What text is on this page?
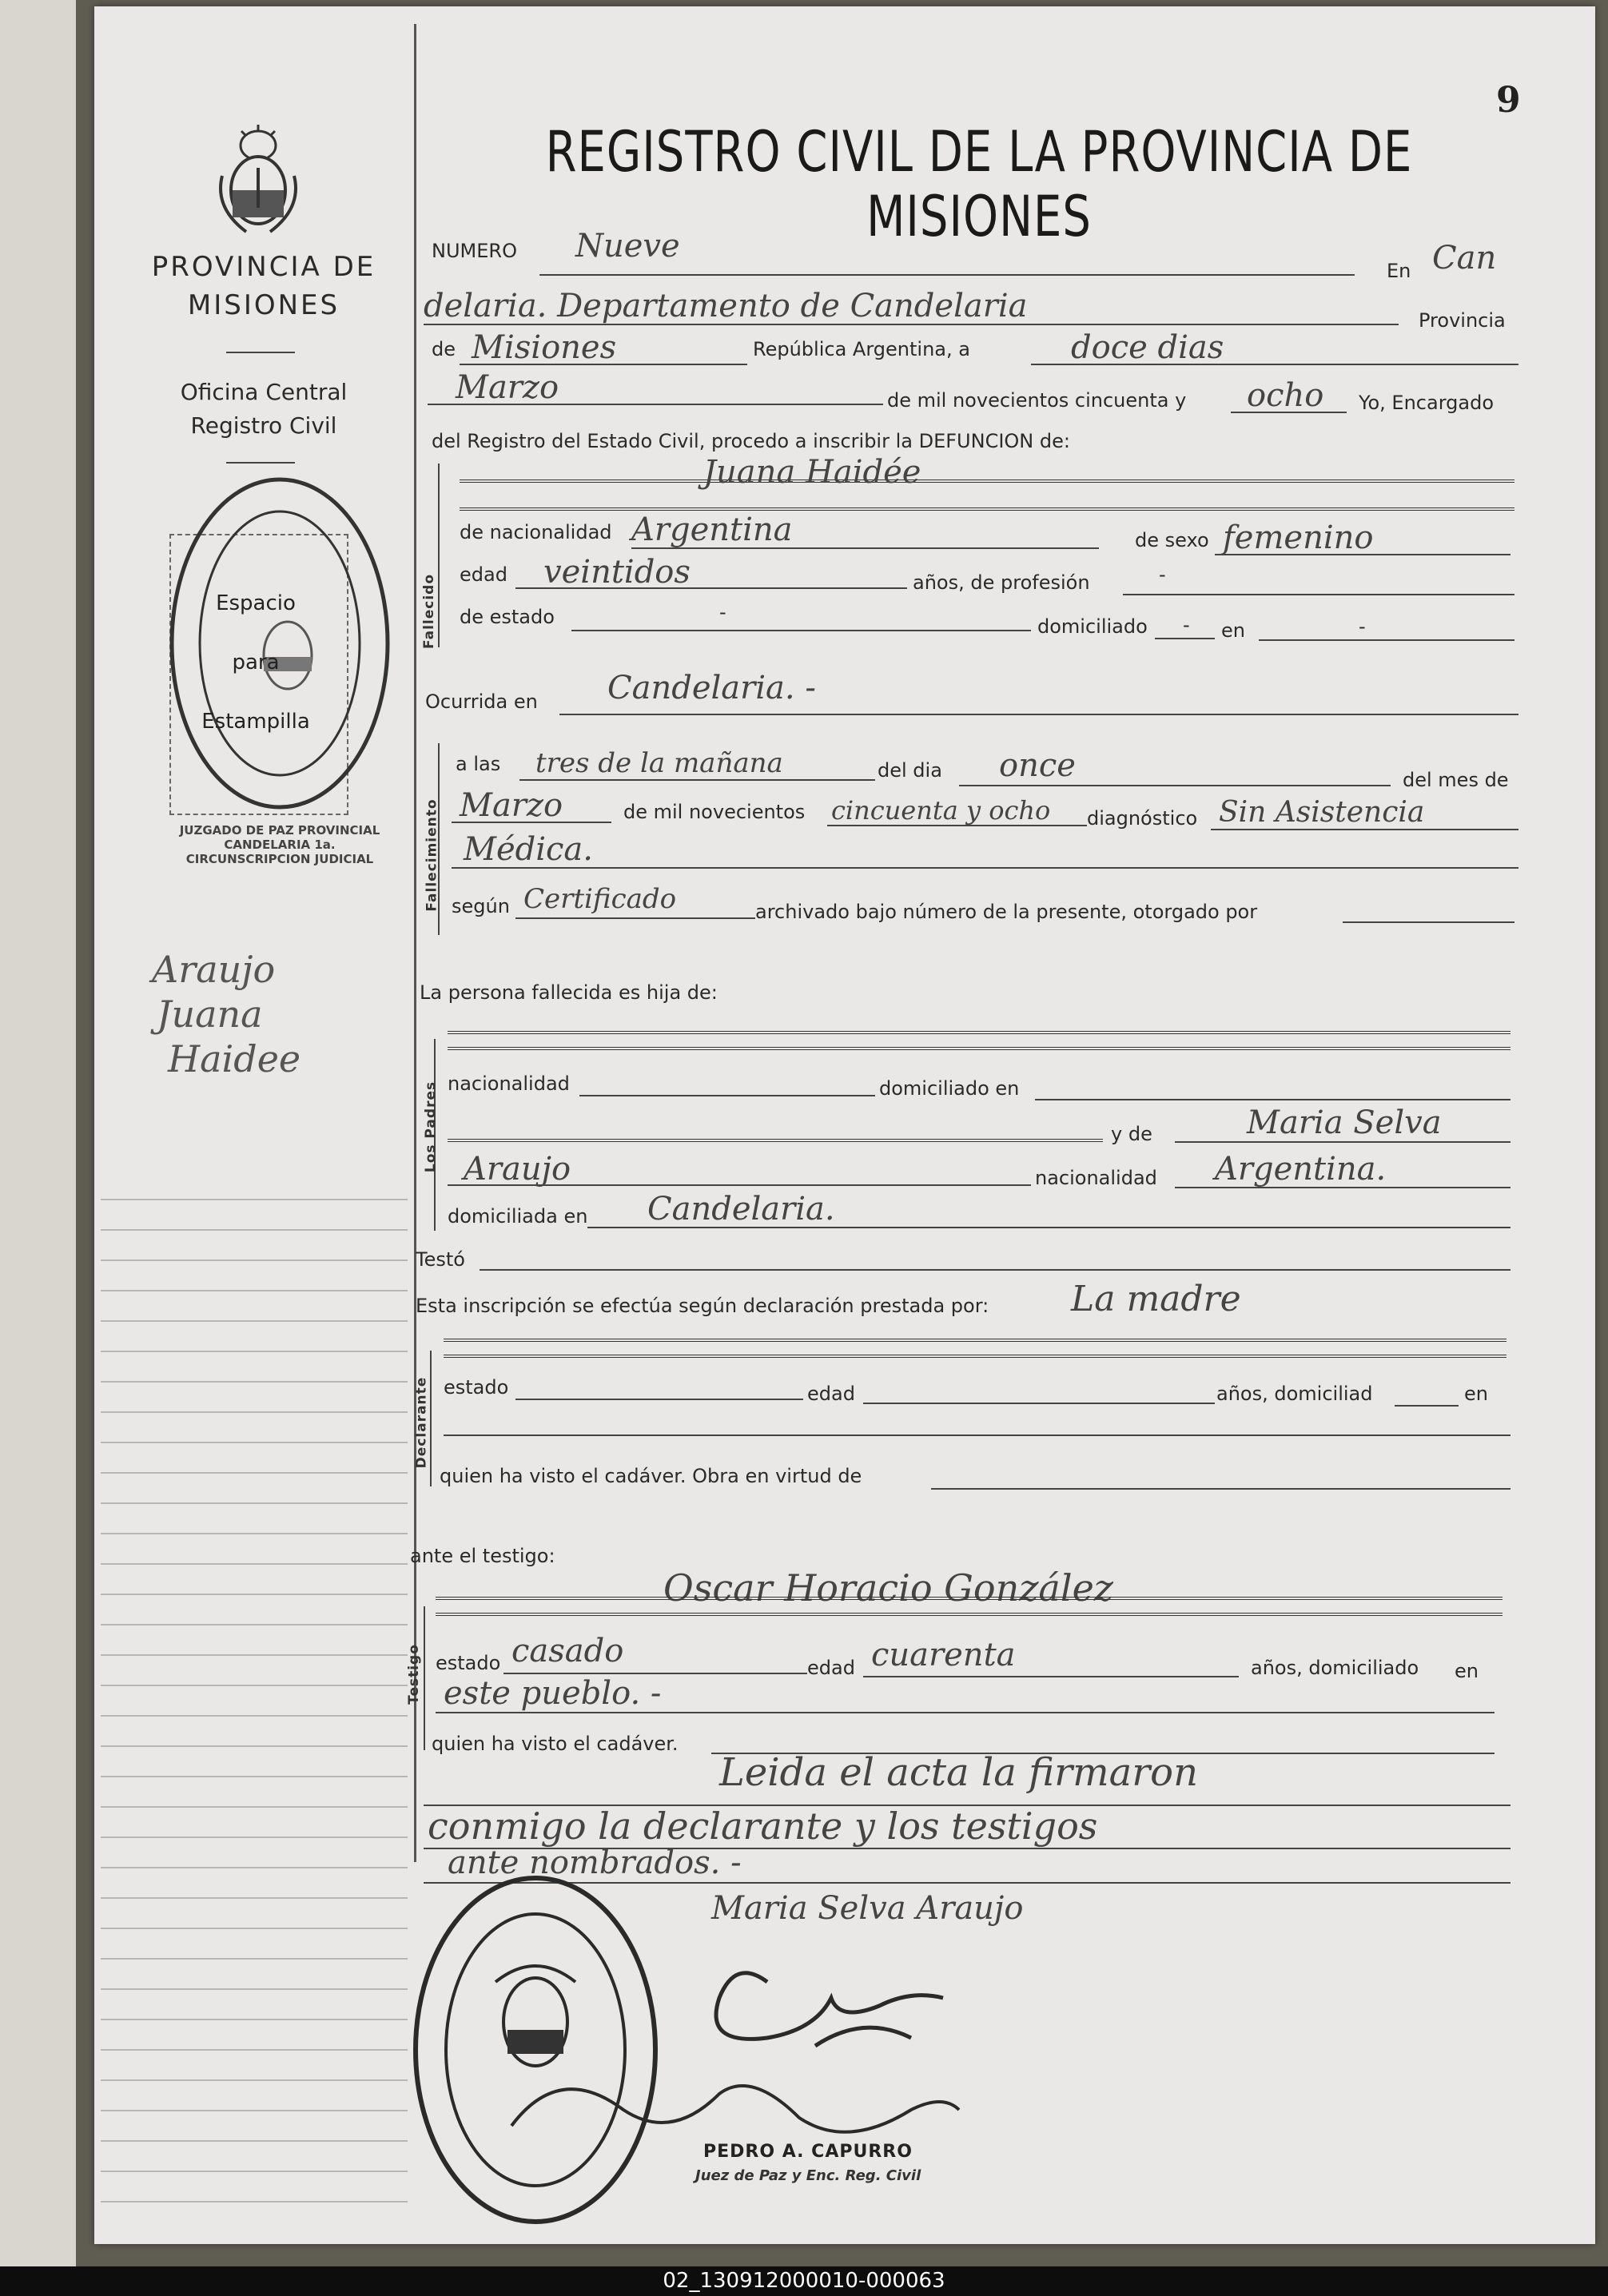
PROVINCIA DE
MISIONES
Oficina Central
Registro Civil
Espacio
para
Estampilla
JUZGADO DE PAZ PROVINCIAL CANDELARIA 1a. CIRCUNSCRIPCION JUDICIAL
Araujo
Juana
Haidee
9
REGISTRO CIVIL DE LA PROVINCIA DE MISIONES
NUMERO Nueve
En Can
delaria. Departamento de Candelaria	Provincia
de Misiones	República Argentina, a	doce dias
Marzo	de mil novecientos cincuenta y ocho Yo, Encargado
del Registro del Estado Civil, procedo a inscribir la DEFUNCION de:
Juana Haidée
Fallecido
de nacionalidad Argentina	de sexo femenino
edad veintidos	años, de profesión	-
de estado	-
domiciliado - en	-
Ocurrida en Candelaria. -
Fallecimiento
a las tres de la mañana	del dia once	del mes de
Marzo	de mil novecientos cincuenta y ocho diagnóstico Sin Asistencia
Médica.
según Certificado	archivado bajo número de la presente, otorgado por
La persona fallecida es hija de:
Los Padres nacionalidad	domiciliado en
y de	Maria Selva
Araujo	nacionalidad Argentina.
domiciliada en Candelaria.
Testó
Esta inscripción se efectúa según declaración prestada por: La madre
Declarante estado	edad	años, domiciliad	en
quien ha visto el cadáver. Obra en virtud de
ante el testigo:
Oscar Horacio González
Testigo estado casado	edad cuarenta	años, domiciliado en
este pueblo. -
quien ha visto el cadáver.
Leida el acta la firmaron
conmigo la declarante y los testigos
ante nombrados. -
Maria Selva Araujo
PEDRO A. CAPURRO
Juez de Paz y Enc. Reg. Civil
02_130912000010-000063
